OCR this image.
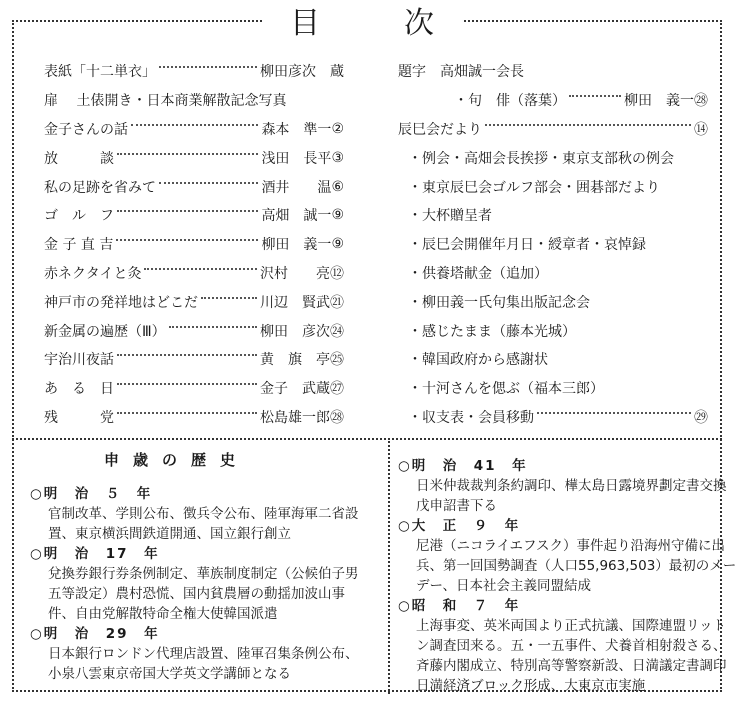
目	次
表紙「十二単衣」	柳田彦次　蔵
扉　 土俵開き・日本商業解散記念写真
金子さんの話	森本　準一 ②
放　　　談	浅田　長平 ③
私の足跡を省みて	酒井　　温 ⑥
ゴ　ル　フ	高畑　誠一 ⑨
金 子 直 吉	柳田　義一 ⑨
赤ネクタイと灸	沢村　　亮 ⑫
神戸市の発祥地はどこだ	川辺　賢武 ㉑
新金属の遍歴（Ⅲ）	柳田　彦次 ㉔
宇治川夜話	黄　旗　亭 ㉕
あ　る　日	金子　武蔵 ㉗
残　　　党	松島雄一郎 ㉘
題字　高畑誠一会長
・句　俳（落葉）	柳田　義一 ㉘
辰巳会だより	⑭
・例会・高畑会長挨拶・東京支部秋の例会
・東京辰巳会ゴルフ部会・囲碁部だより
・大杯贈呈者
・辰巳会開催年月日・綬章者・哀悼録
・供養塔献金（追加）
・柳田義一氏句集出版記念会
・感じたまま（藤本光城）
・韓国政府から感謝状
・十河さんを偲ぶ（福本三郎）
・収支表・会員移動	㉙
申歳の歴史
○明　治　５　年
官制改革、学則公布、徴兵令公布、陸軍海軍二省設
置、東京横浜間鉄道開通、国立銀行創立
○明　治　17　年
兌換券銀行券条例制定、華族制度制定（公候伯子男
五等設定）農村恐慌、国内貧農層の動揺加波山事
件、自由党解散特命全権大使韓国派遣
○明　治　29　年
日本銀行ロンドン代理店設置、陸軍召集条例公布、
小泉八雲東京帝国大学英文学講師となる
○明　治　41　年
日米仲裁裁判条約調印、樺太島日露境界劃定書交換
戊申詔書下る
○大　正　９　年
尼港（ニコライエフスク）事件起り沿海州守備に出
兵、第一回国勢調査（人口55,963,503）最初のメー
デー、日本社会主義同盟結成
○昭　和　７　年
上海事変、英米両国より正式抗議、国際連盟リット
ン調査団来る。五・一五事件、犬養首相射殺さる、
斉藤内閣成立、特別高等警察新設、日満議定書調印
日満経済ブロック形成、大東京市実施
